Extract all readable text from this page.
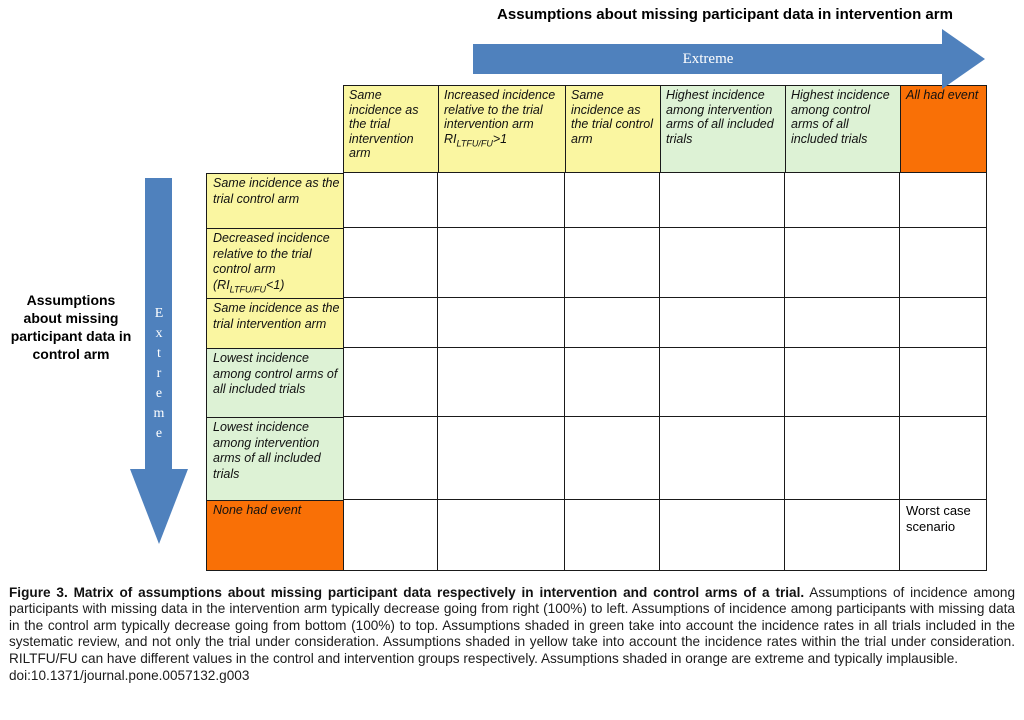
Assumptions about missing participant data in intervention arm
Extreme
Assumptions about missing participant data in control arm	Extreme
Same incidence as the trial intervention arm
Increased incidence relative to the trial intervention arm $RI_{LTFU/FU}>1$
Same incidence as the trial control arm
Highest incidence among intervention arms of all included trials
Highest incidence among control arms of all included trials
All had event
Same incidence as the trial control arm
Decreased incidence relative to the trial control arm $(RI_{LTFU/FU}<1)$
Same incidence as the trial intervention arm
Lowest incidence among control arms of all included trials
Lowest incidence among intervention arms of all included trials
None had event	Worst case scenario
Figure 3. Matrix of assumptions about missing participant data respectively in intervention and control arms of a trial. Assumptions of incidence among participants with missing data in the intervention arm typically decrease going from right (100%) to left. Assumptions of incidence among participants with missing data in the control arm typically decrease going from bottom (100%) to top. Assumptions shaded in green take into account the incidence rates in all trials included in the systematic review, and not only the trial under consideration. Assumptions shaded in yellow take into account the incidence rates within the trial under consideration. RILTFU/FU can have different values in the control and intervention groups respectively. Assumptions shaded in orange are extreme and typically implausible.
doi:10.1371/journal.pone.0057132.g003
